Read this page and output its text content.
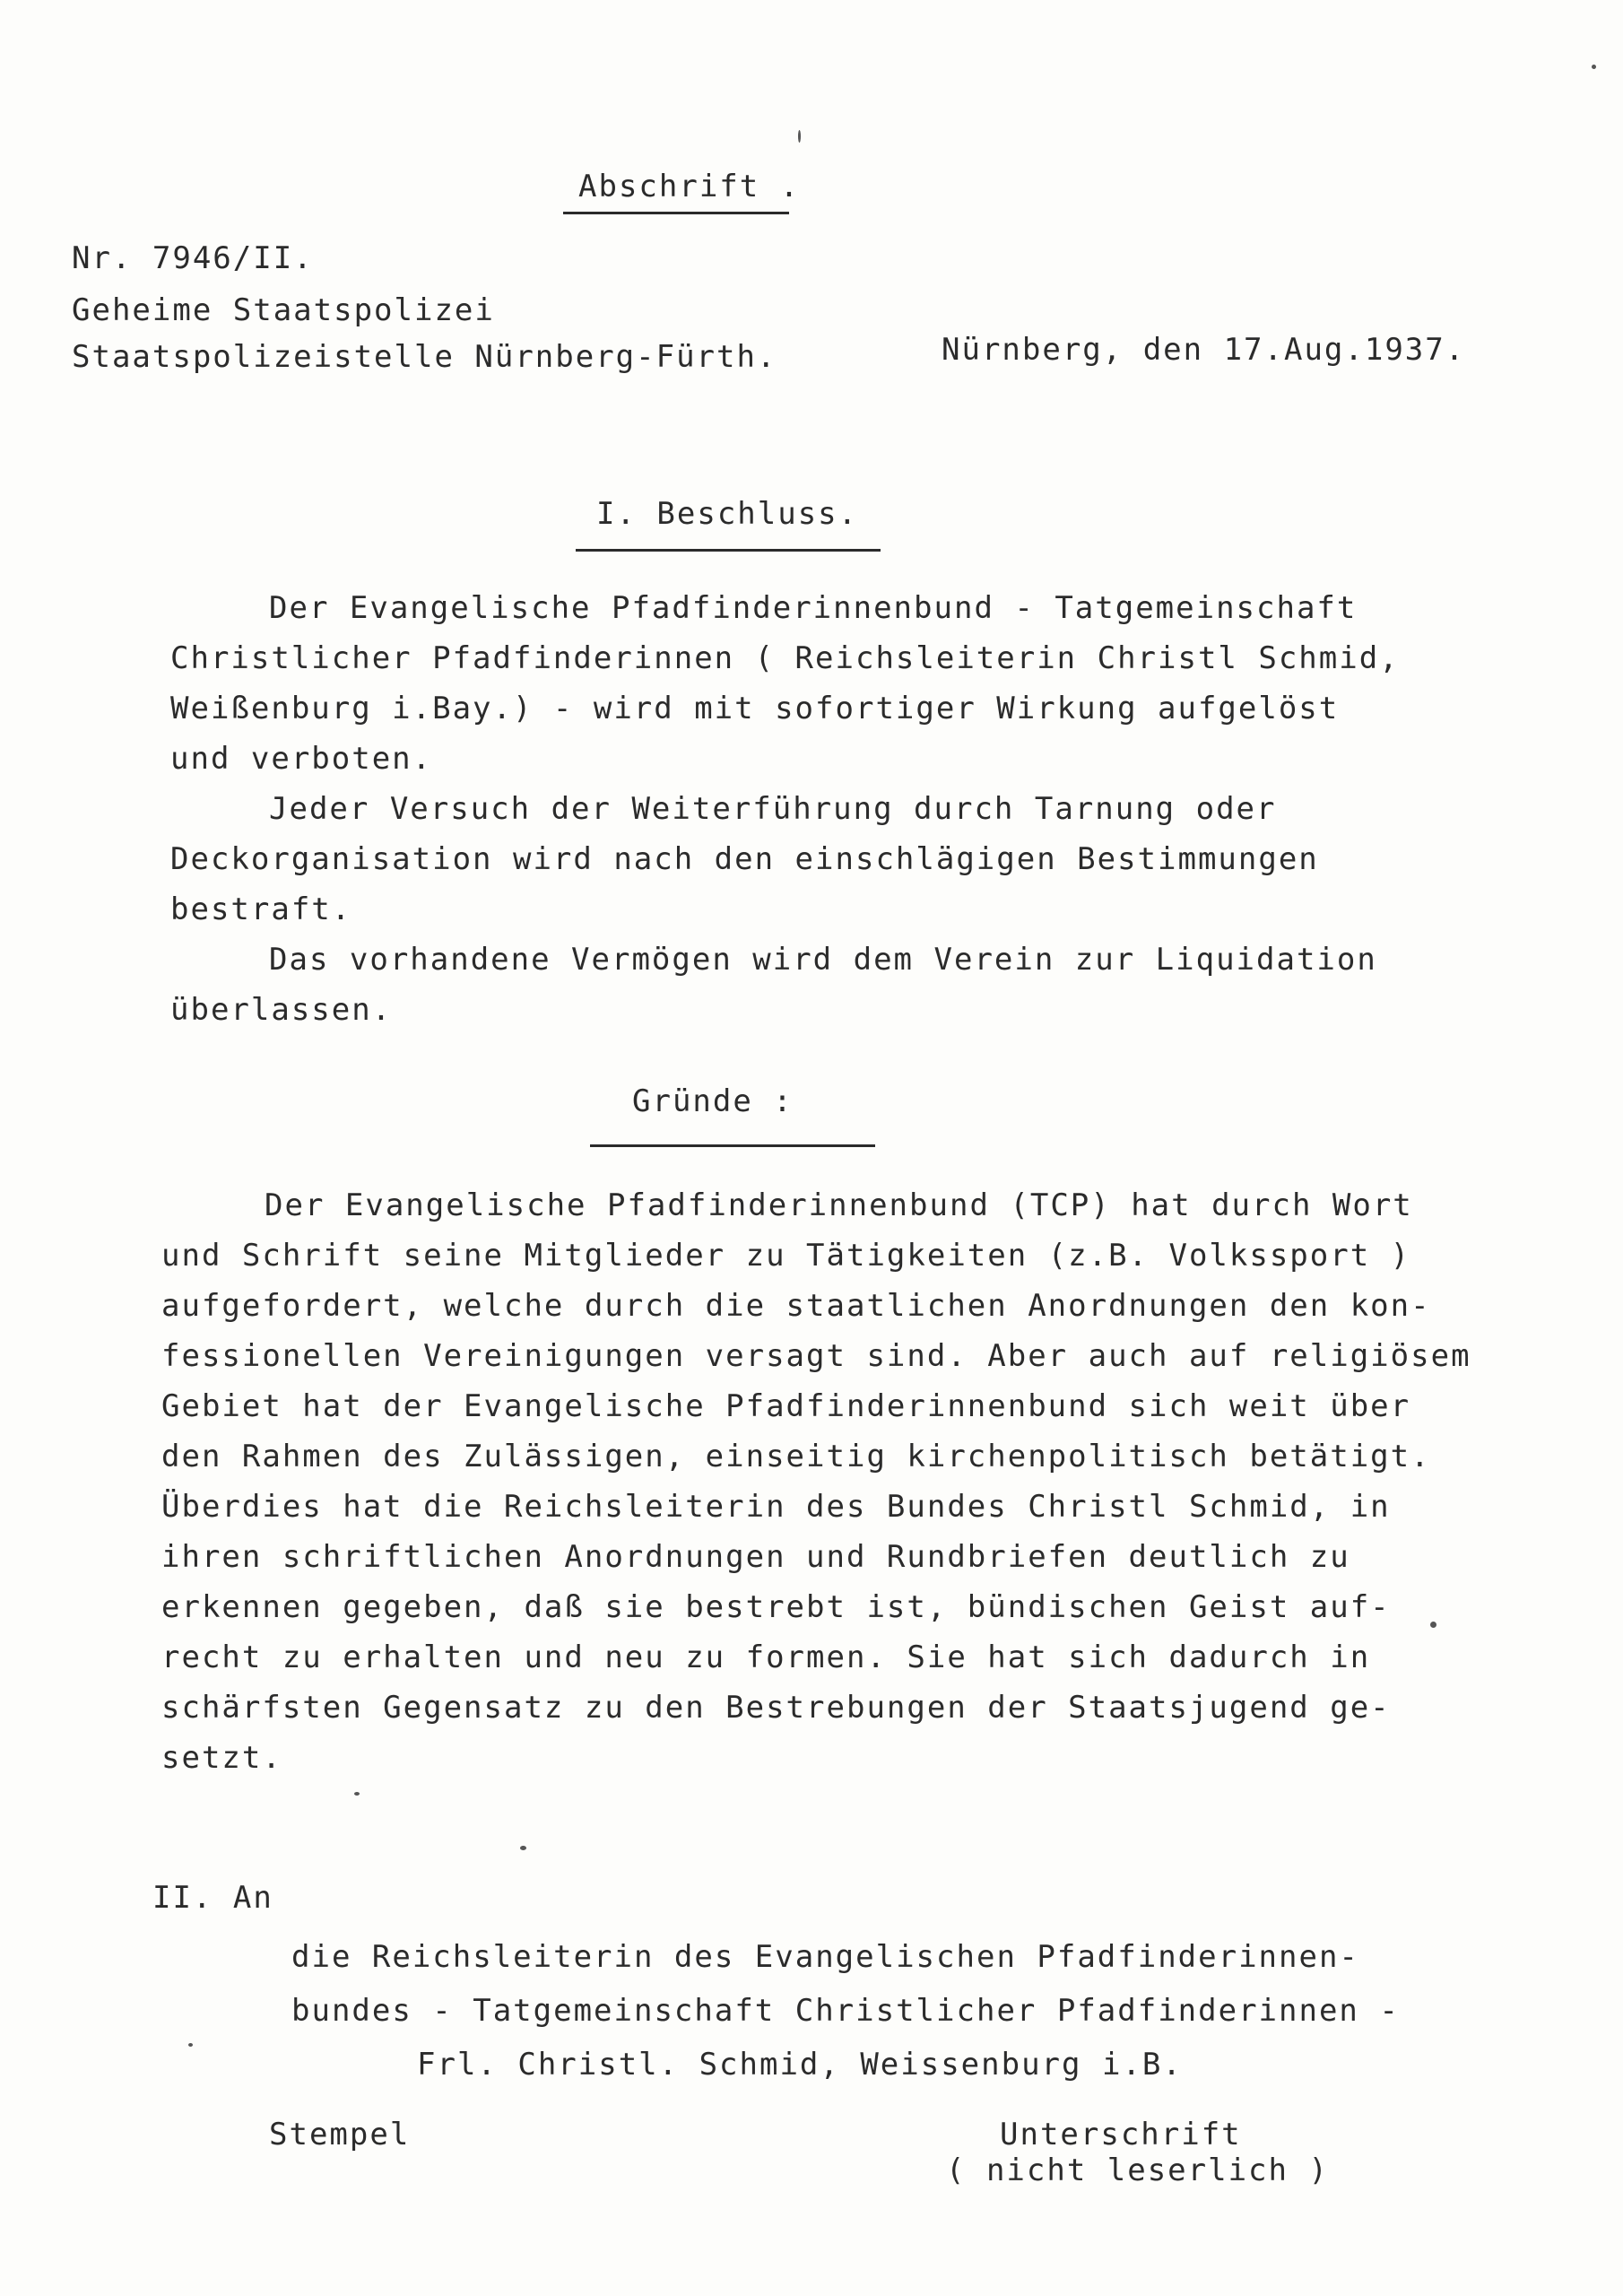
Abschrift .
Nr. 7946/II.
Geheime Staatspolizei
Staatspolizeistelle Nürnberg-Fürth.	Nürnberg, den 17.Aug.1937.
I. Beschluss.
Der Evangelische Pfadfinderinnenbund - Tatgemeinschaft
Christlicher Pfadfinderinnen ( Reichsleiterin Christl Schmid,
Weißenburg i.Bay.) - wird mit sofortiger Wirkung aufgelöst
und verboten.
Jeder Versuch der Weiterführung durch Tarnung oder
Deckorganisation wird nach den einschlägigen Bestimmungen
bestraft.
Das vorhandene Vermögen wird dem Verein zur Liquidation
überlassen.
Gründe :
Der Evangelische Pfadfinderinnenbund (TCP) hat durch Wort
und Schrift seine Mitglieder zu Tätigkeiten (z.B. Volkssport )
aufgefordert, welche durch die staatlichen Anordnungen den kon-
fessionellen Vereinigungen versagt sind. Aber auch auf religiösem
Gebiet hat der Evangelische Pfadfinderinnenbund sich weit über
den Rahmen des Zulässigen, einseitig kirchenpolitisch betätigt.
Überdies hat die Reichsleiterin des Bundes Christl Schmid, in
ihren schriftlichen Anordnungen und Rundbriefen deutlich zu
erkennen gegeben, daß sie bestrebt ist, bündischen Geist auf-
recht zu erhalten und neu zu formen. Sie hat sich dadurch in
schärfsten Gegensatz zu den Bestrebungen der Staatsjugend ge-
setzt.
II. An
die Reichsleiterin des Evangelischen Pfadfinderinnen-
bundes - Tatgemeinschaft Christlicher Pfadfinderinnen -
Frl. Christl. Schmid, Weissenburg i.B.
Stempel	Unterschrift
( nicht leserlich )
